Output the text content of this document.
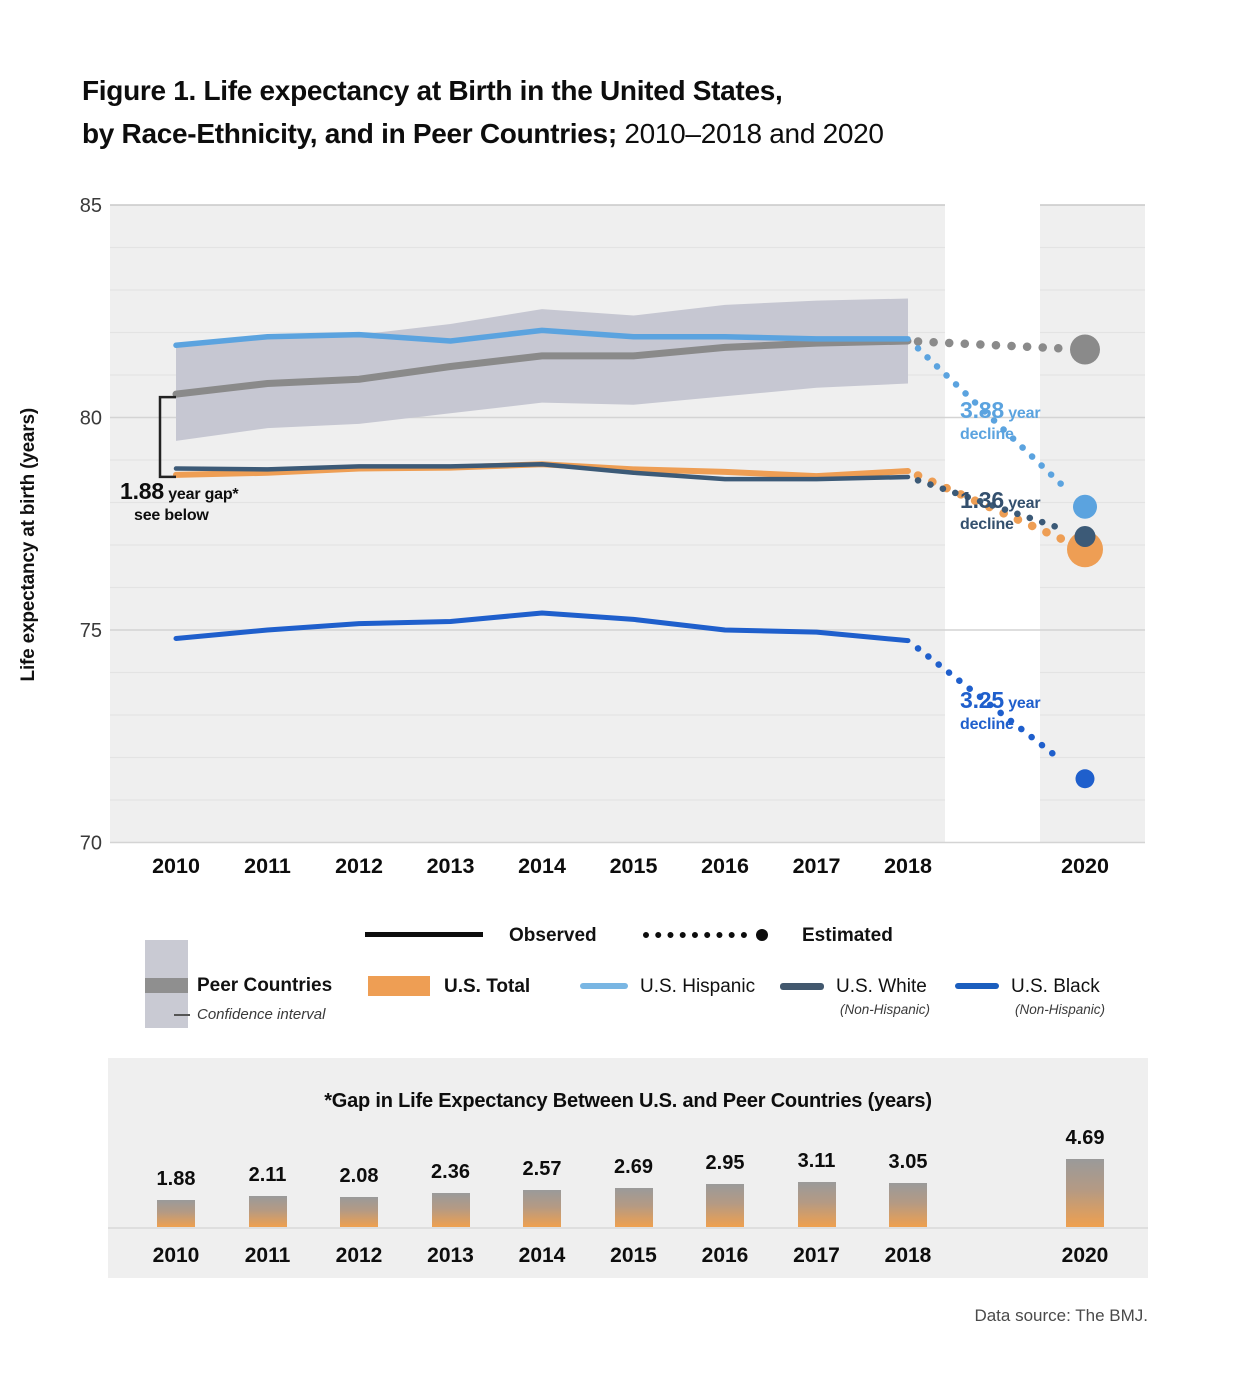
Figure 1. Life expectancy at Birth in the United States,
by Race-Ethnicity, and in Peer Countries; 2010–2018 and 2020
Life expectancy at birth (years)
85
80
75
70
2010 2011 2012 2013 2014 2015 2016 2017 2018	2020
1.88 year gap*
see below
3.88 year
decline
1.36 year
decline
3.25 year
decline
Observed	Estimated
Peer Countries
Confidence interval
U.S. Total	U.S. Hispanic	U.S. White
(Non-Hispanic)
U.S. Black
(Non-Hispanic)
*Gap in Life Expectancy Between U.S. and Peer Countries (years)
1.88
2010
2.11
2011
2.08
2012
2.36
2013
2.57
2014
2.69
2015
2.95
2016
3.11
2017
3.05
2018
4.69
2020
Data source: The BMJ.
